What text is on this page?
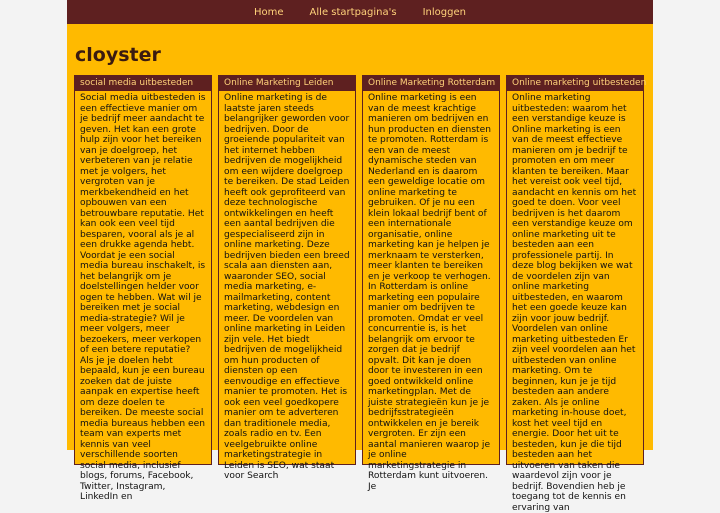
Home	Alle startpagina's	Inloggen
cloyster
social media uitbesteden
Social media uitbesteden is een effectieve manier om je bedrijf meer aandacht te geven. Het kan een grote hulp zijn voor het bereiken van je doelgroep, het verbeteren van je relatie met je volgers, het vergroten van je merkbekendheid en het opbouwen van een betrouwbare reputatie. Het kan ook een veel tijd besparen, vooral als je al een drukke agenda hebt. Voordat je een social media bureau inschakelt, is het belangrijk om je doelstellingen helder voor ogen te hebben. Wat wil je bereiken met je social media-strategie? Wil je meer volgers, meer bezoekers, meer verkopen of een betere reputatie? Als je je doelen hebt bepaald, kun je een bureau zoeken dat de juiste aanpak en expertise heeft om deze doelen te bereiken. De meeste social media bureaus hebben een team van experts met kennis van veel verschillende soorten social media, inclusief blogs, forums, Facebook, Twitter, Instagram, LinkedIn en
Online Marketing Leiden
Online marketing is de laatste jaren steeds belangrijker geworden voor bedrijven. Door de groeiende populariteit van het internet hebben bedrijven de mogelijkheid om een wijdere doelgroep te bereiken. De stad Leiden heeft ook geprofiteerd van deze technologische ontwikkelingen en heeft een aantal bedrijven die gespecialiseerd zijn in online marketing. Deze bedrijven bieden een breed scala aan diensten aan, waaronder SEO, social media marketing, e-mailmarketing, content marketing, webdesign en meer. De voordelen van online marketing in Leiden zijn vele. Het biedt bedrijven de mogelijkheid om hun producten of diensten op een eenvoudige en effectieve manier te promoten. Het is ook een veel goedkopere manier om te adverteren dan traditionele media, zoals radio en tv. Een veelgebruikte online marketingstrategie in Leiden is SEO, wat staat voor Search
Online Marketing Rotterdam
Online marketing is een van de meest krachtige manieren om bedrijven en hun producten en diensten te promoten. Rotterdam is een van de meest dynamische steden van Nederland en is daarom een geweldige locatie om online marketing te gebruiken. Of je nu een klein lokaal bedrijf bent of een internationale organisatie, online marketing kan je helpen je merknaam te versterken, meer klanten te bereiken en je verkoop te verhogen. In Rotterdam is online marketing een populaire manier om bedrijven te promoten. Omdat er veel concurrentie is, is het belangrijk om ervoor te zorgen dat je bedrijf opvalt. Dit kan je doen door te investeren in een goed ontwikkeld online marketingplan. Met de juiste strategieën kun je je bedrijfsstrategieën ontwikkelen en je bereik vergroten. Er zijn een aantal manieren waarop je je online marketingstrategie in Rotterdam kunt uitvoeren. Je
Online marketing uitbesteden
Online marketing uitbesteden: waarom het een verstandige keuze is Online marketing is een van de meest effectieve manieren om je bedrijf te promoten en om meer klanten te bereiken. Maar het vereist ook veel tijd, aandacht en kennis om het goed te doen. Voor veel bedrijven is het daarom een verstandige keuze om online marketing uit te besteden aan een professionele partij. In deze blog bekijken we wat de voordelen zijn van online marketing uitbesteden, en waarom het een goede keuze kan zijn voor jouw bedrijf. Voordelen van online marketing uitbesteden Er zijn veel voordelen aan het uitbesteden van online marketing. Om te beginnen, kun je je tijd besteden aan andere zaken. Als je online marketing in-house doet, kost het veel tijd en energie. Door het uit te besteden, kun je die tijd besteden aan het uitvoeren van taken die waardevol zijn voor je bedrijf. Bovendien heb je toegang tot de kennis en ervaring van
